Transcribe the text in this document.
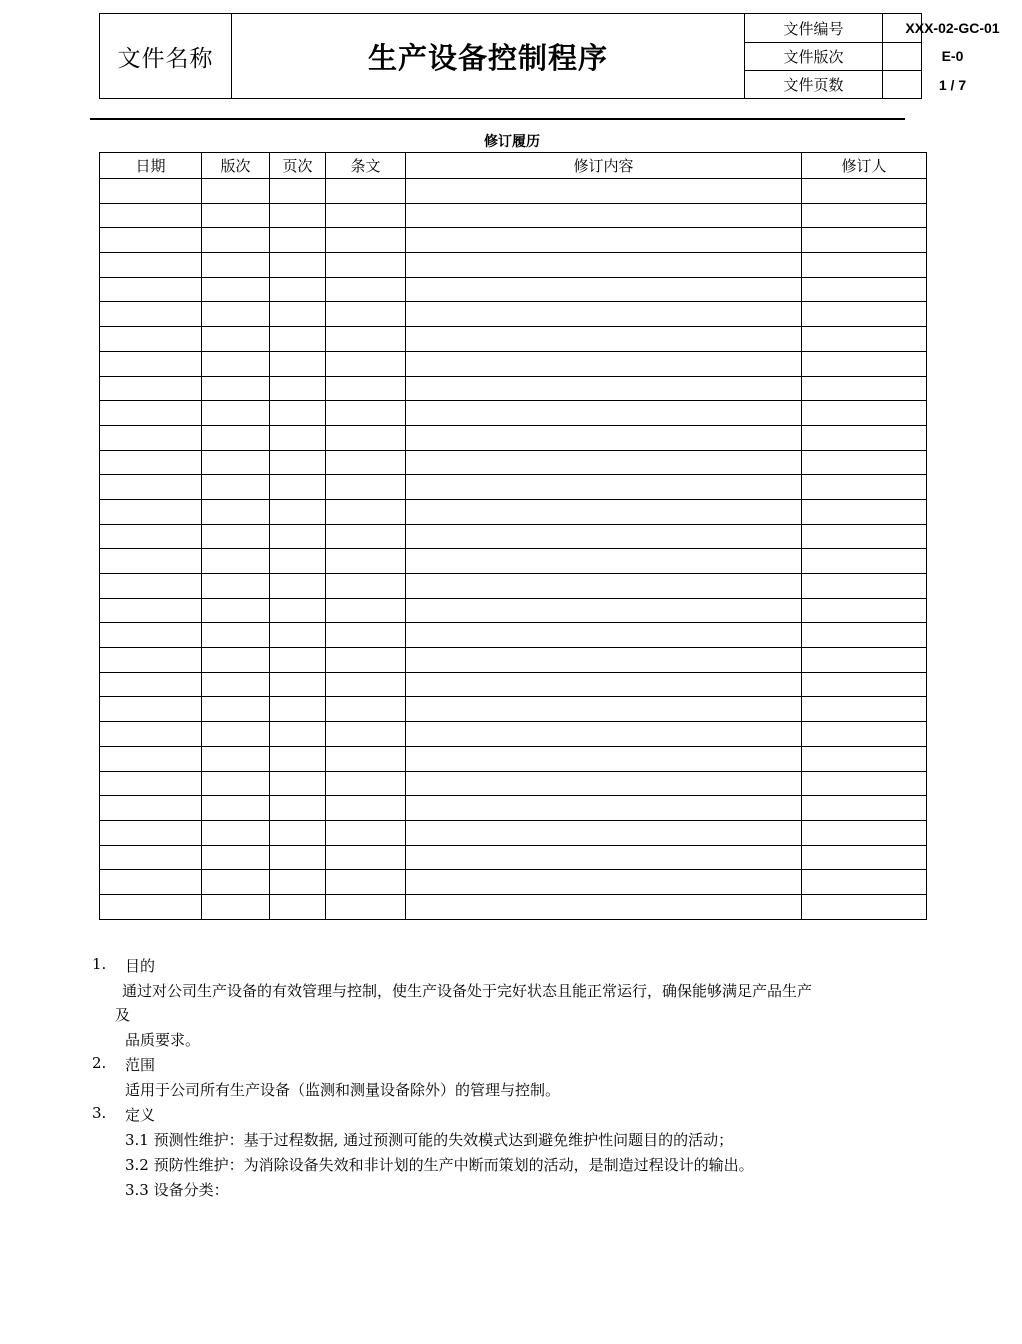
文件名称	生产设备控制程序
文件编号	XXX-02-GC-01
文件版次	E-0
文件页数	1 / 7
修订履历
日期	版次	页次	条文	修订内容	修订人

1. 目的
通过对公司生产设备的有效管理与控制，使生产设备处于完好状态且能正常运行，确保能够满足产品生产
及
品质要求。
2. 范围
适用于公司所有生产设备（监测和测量设备除外）的管理与控制。
3. 定义
3.1 预测性维护：基于过程数据, 通过预测可能的失效模式达到避免维护性问题目的的活动；
3.2 预防性维护：为消除设备失效和非计划的生产中断而策划的活动，是制造过程设计的输出。
3.3 设备分类：
